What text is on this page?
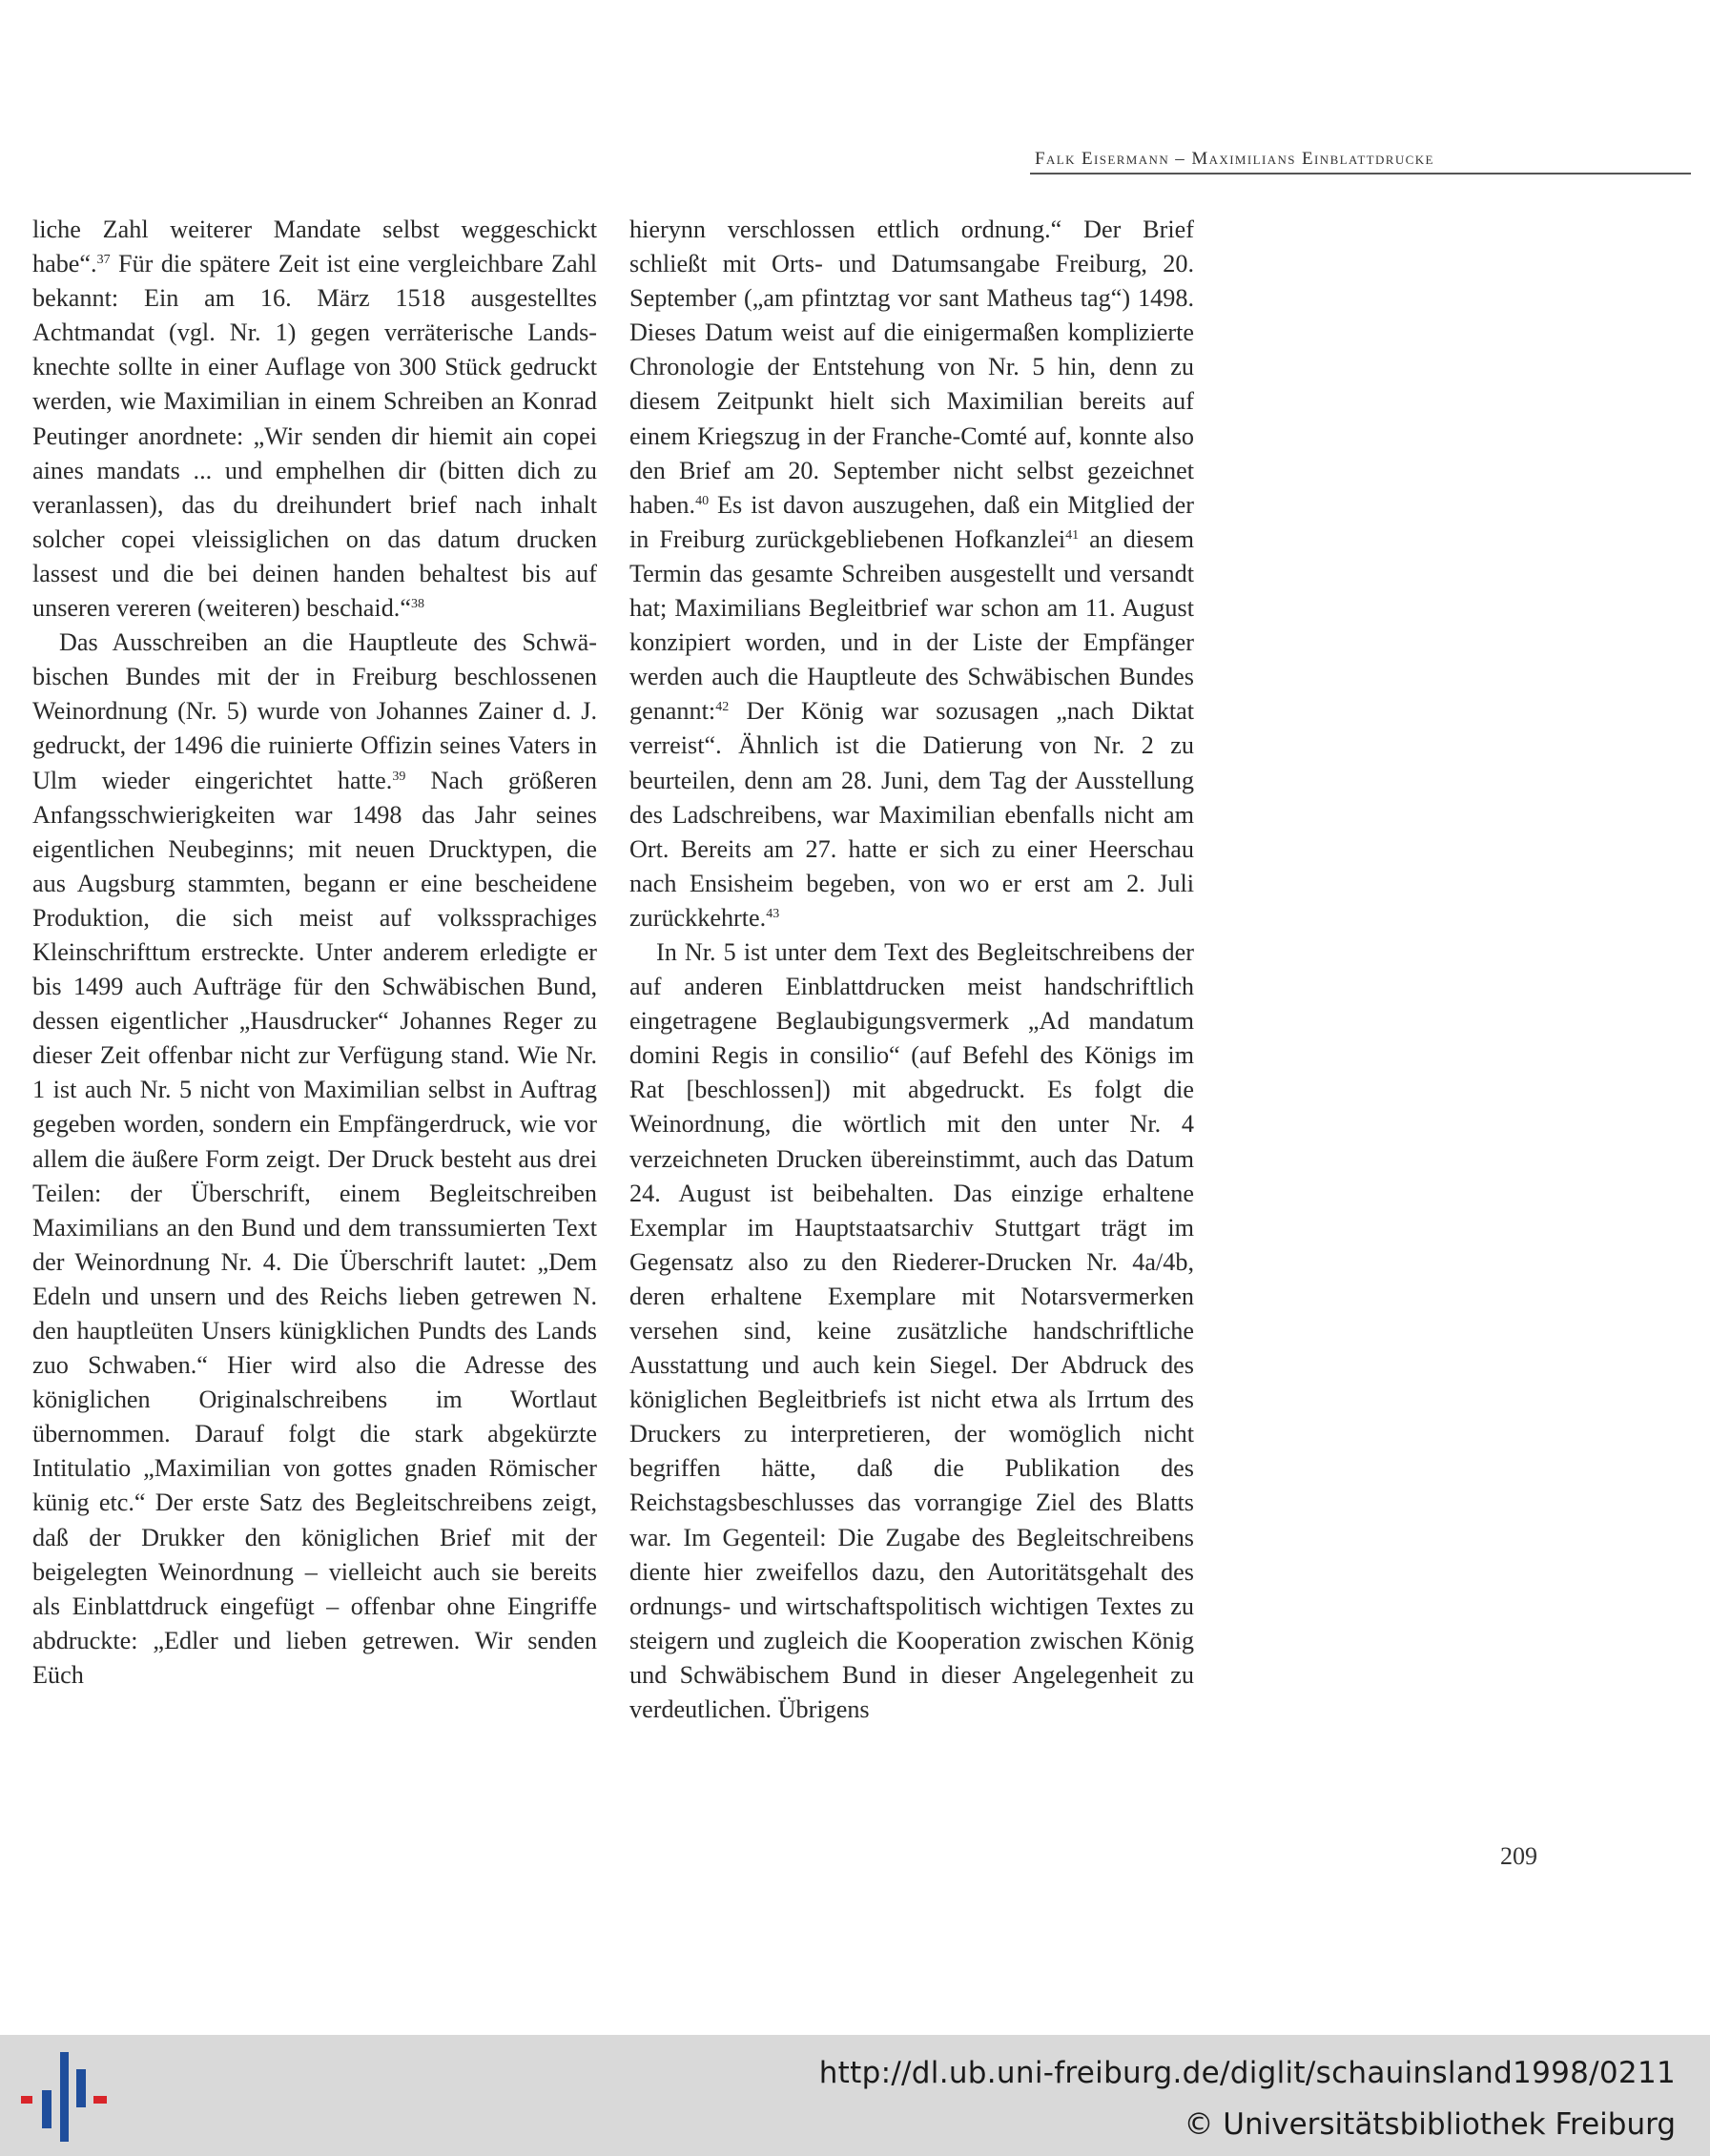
Falk Eisermann – Maximilians Einblattdrucke

liche Zahl weiterer Mandate selbst weggeschickt habe“.$^{37}$ Für die spätere Zeit ist eine vergleichbare Zahl bekannt: Ein am 16. März 1518 ausgestelltes Achtmandat (vgl. Nr. 1) gegen verräterische Landsknechte sollte in einer Auflage von 300 Stück gedruckt werden, wie Maximilian in einem Schreiben an Konrad Peutinger anordnete: „Wir senden dir hiemit ain copei aines mandats ... und emphelhen dir (bitten dich zu veranlassen), das du dreihundert brief nach inhalt solcher copei vleissiglichen on das datum drucken lassest und die bei deinen handen behaltest bis auf unseren vereren (weiteren) beschaid.“$^{38}$

Das Ausschreiben an die Hauptleute des Schwäbischen Bundes mit der in Freiburg beschlossenen Weinordnung (Nr. 5) wurde von Johannes Zainer d. J. gedruckt, der 1496 die ruinierte Offizin seines Vaters in Ulm wieder eingerichtet hatte.$^{39}$ Nach größeren Anfangsschwierigkeiten war 1498 das Jahr seines eigentlichen Neubeginns; mit neuen Drucktypen, die aus Augsburg stammten, begann er eine bescheidene Produktion, die sich meist auf volkssprachiges Kleinschrifttum erstreckte. Unter anderem erledigte er bis 1499 auch Aufträge für den Schwäbischen Bund, dessen eigentlicher „Hausdrucker“ Johannes Reger zu dieser Zeit offenbar nicht zur Verfügung stand. Wie Nr. 1 ist auch Nr. 5 nicht von Maximilian selbst in Auftrag gegeben worden, sondern ein Empfängerdruck, wie vor allem die äußere Form zeigt. Der Druck besteht aus drei Teilen: der Überschrift, einem Begleitschreiben Maximilians an den Bund und dem transsumierten Text der Weinordnung Nr. 4. Die Überschrift lautet: „Dem Edeln und unsern und des Reichs lieben getrewen N. den hauptleüten Unsers künigklichen Pundts des Lands zuo Schwaben.“ Hier wird also die Adresse des königlichen Originalschreibens im Wortlaut übernommen. Darauf folgt die stark abgekürzte Intitulatio „Maximilian von gottes gnaden Römischer künig etc.“ Der erste Satz des Begleitschreibens zeigt, daß der Drukker den königlichen Brief mit der beigelegten Weinordnung – vielleicht auch sie bereits als Einblattdruck eingefügt – offenbar ohne Eingriffe abdruckte: „Edler und lieben getrewen. Wir senden Eüch

hierynn verschlossen ettlich ordnung.“ Der Brief schließt mit Orts- und Datumsangabe Freiburg, 20. September („am pfintztag vor sant Matheus tag“) 1498. Dieses Datum weist auf die einigermaßen komplizierte Chronologie der Entstehung von Nr. 5 hin, denn zu diesem Zeitpunkt hielt sich Maximilian bereits auf einem Kriegszug in der Franche-Comté auf, konnte also den Brief am 20. September nicht selbst gezeichnet haben.$^{40}$ Es ist davon auszugehen, daß ein Mitglied der in Freiburg zurückgebliebenen Hofkanzlei$^{41}$ an diesem Termin das gesamte Schreiben ausgestellt und versandt hat; Maximilians Begleitbrief war schon am 11. August konzipiert worden, und in der Liste der Empfänger werden auch die Hauptleute des Schwäbischen Bundes genannt:$^{42}$ Der König war sozusagen „nach Diktat verreist“. Ähnlich ist die Datierung von Nr. 2 zu beurteilen, denn am 28. Juni, dem Tag der Ausstellung des Ladschreibens, war Maximilian ebenfalls nicht am Ort. Bereits am 27. hatte er sich zu einer Heerschau nach Ensisheim begeben, von wo er erst am 2. Juli zurückkehrte.$^{43}$

In Nr. 5 ist unter dem Text des Begleitschreibens der auf anderen Einblattdrucken meist handschriftlich eingetragene Beglaubigungsvermerk „Ad mandatum domini Regis in consilio“ (auf Befehl des Königs im Rat [beschlossen]) mit abgedruckt. Es folgt die Weinordnung, die wörtlich mit den unter Nr. 4 verzeichneten Drucken übereinstimmt, auch das Datum 24. August ist beibehalten. Das einzige erhaltene Exemplar im Hauptstaatsarchiv Stuttgart trägt im Gegensatz also zu den Riederer-Drucken Nr. 4a/4b, deren erhaltene Exemplare mit Notarsvermerken versehen sind, keine zusätzliche handschriftliche Ausstattung und auch kein Siegel. Der Abdruck des königlichen Begleitbriefs ist nicht etwa als Irrtum des Druckers zu interpretieren, der womöglich nicht begriffen hätte, daß die Publikation des Reichstagsbeschlusses das vorrangige Ziel des Blatts war. Im Gegenteil: Die Zugabe des Begleitschreibens diente hier zweifellos dazu, den Autoritätsgehalt des ordnungs- und wirtschaftspolitisch wichtigen Textes zu steigern und zugleich die Kooperation zwischen König und Schwäbischem Bund in dieser Angelegenheit zu verdeutlichen. Übrigens

209
http://dl.ub.uni-freiburg.de/diglit/schauinsland1998/0211
© Universitätsbibliothek Freiburg
